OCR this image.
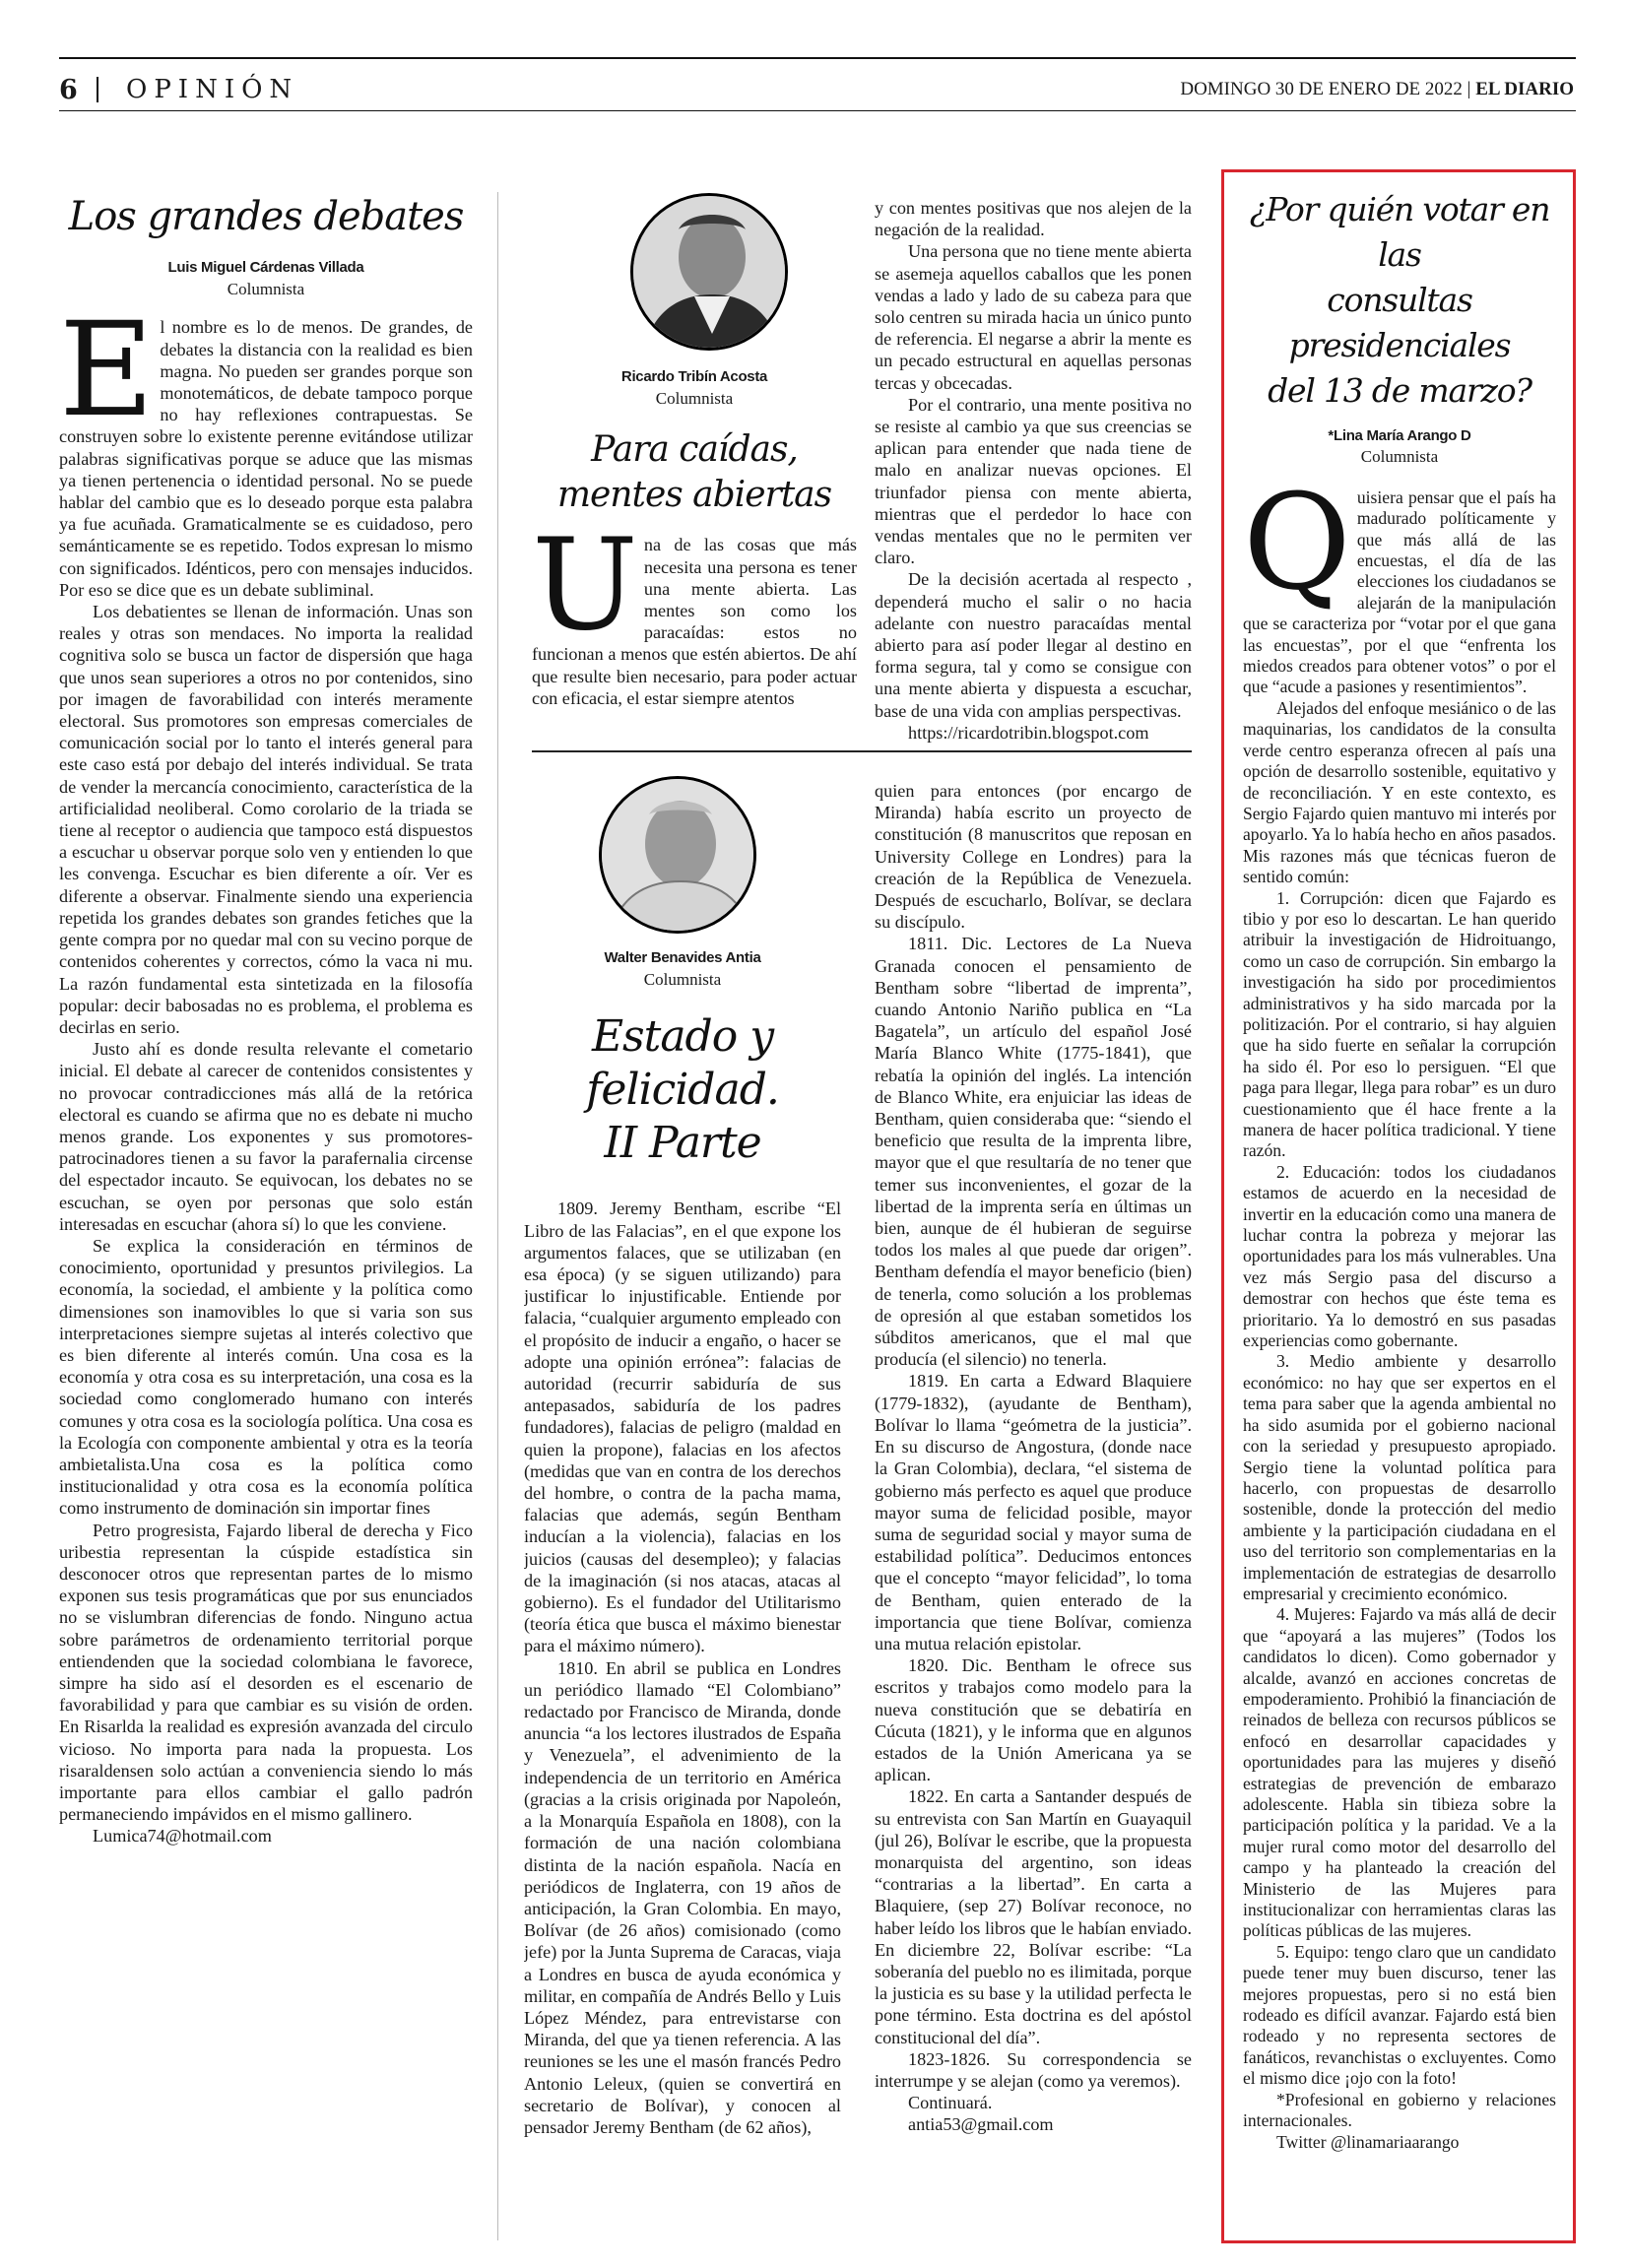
6 OPINIÓN	DOMINGO 30 DE ENERO DE 2022 | EL DIARIO
Los grandes debates
Luis Miguel Cárdenas Villada
Columnista
E l nombre es lo de menos. De grandes, de debates la distancia con la realidad es bien magna. No pueden ser grandes porque son monotemáticos, de debate tampoco porque no hay reflexiones contrapuestas. Se construyen sobre lo existente perenne evitándose utilizar palabras significativas porque se aduce que las mismas ya tienen pertenencia o identidad personal. No se puede hablar del cambio que es lo deseado porque esta palabra ya fue acuñada. Gramaticalmente se es cuidadoso, pero semánticamente se es repetido. Todos expresan lo mismo con significados. Idénticos, pero con mensajes inducidos. Por eso se dice que es un debate subliminal.

Los debatientes se llenan de información. Unas son reales y otras son mendaces. No importa la realidad cognitiva solo se busca un factor de dispersión que haga que unos sean superiores a otros no por contenidos, sino por imagen de favorabilidad con interés meramente electoral. Sus promotores son empresas comerciales de comunicación social por lo tanto el interés general para este caso está por debajo del interés individual. Se trata de vender la mercancía conocimiento, característica de la artificialidad neoliberal. Como corolario de la triada se tiene al receptor o audiencia que tampoco está dispuestos a escuchar u observar porque solo ven y entienden lo que les convenga. Escuchar es bien diferente a oír. Ver es diferente a observar. Finalmente siendo una experiencia repetida los grandes debates son grandes fetiches que la gente compra por no quedar mal con su vecino porque de contenidos coherentes y correctos, cómo la vaca ni mu. La razón fundamental esta sintetizada en la filosofía popular: decir babosadas no es problema, el problema es decirlas en serio.

Justo ahí es donde resulta relevante el cometario inicial. El debate al carecer de contenidos consistentes y no provocar contradicciones más allá de la retórica electoral es cuando se afirma que no es debate ni mucho menos grande. Los exponentes y sus promotores-patrocinadores tienen a su favor la parafernalia circense del espectador incauto. Se equivocan, los debates no se escuchan, se oyen por personas que solo están interesadas en escuchar (ahora sí) lo que les conviene.

Se explica la consideración en términos de conocimiento, oportunidad y presuntos privilegios. La economía, la sociedad, el ambiente y la política como dimensiones son inamovibles lo que si varia son sus interpretaciones siempre sujetas al interés colectivo que es bien diferente al interés común. Una cosa es la economía y otra cosa es su interpretación, una cosa es la sociedad como conglomerado humano con interés comunes y otra cosa es la sociología política. Una cosa es la Ecología con componente ambiental y otra es la teoría ambietalista.Una cosa es la política como institucionalidad y otra cosa es la economía política como instrumento de dominación sin importar fines

Petro progresista, Fajardo liberal de derecha y Fico uribestia representan la cúspide estadística sin desconocer otros que representan partes de lo mismo exponen sus tesis programáticas que por sus enunciados no se vislumbran diferencias de fondo. Ninguno actua sobre parámetros de ordenamiento territorial porque entiendenden que la sociedad colombiana le favorece, simpre ha sido así el desorden es el escenario de favorabilidad y para que cambiar es su visión de orden. En Risarlda la realidad es expresión avanzada del circulo vicioso. No importa para nada la propuesta. Los risaraldensen solo actúan a conveniencia siendo lo más importante para ellos cambiar el gallo padrón permaneciendo impávidos en el mismo gallinero.

Lumica74@hotmail.com

Ricardo Tribín Acosta
Columnista
Para caídas,
mentes abiertas
U na de las cosas que más necesita una persona es tener una mente abierta. Las mentes son como los paracaídas: estos no funcionan a menos que estén abiertos. De ahí que resulte bien necesario, para poder actuar con eficacia, el estar siempre atentos

y con mentes positivas que nos alejen de la negación de la realidad.

Una persona que no tiene mente abierta se asemeja aquellos caballos que les ponen vendas a lado y lado de su cabeza para que solo centren su mirada hacia un único punto de referencia. El negarse a abrir la mente es un pecado estructural en aquellas personas tercas y obcecadas.

Por el contrario, una mente positiva no se resiste al cambio ya que sus creencias se aplican para entender que nada tiene de malo en analizar nuevas opciones. El triunfador piensa con mente abierta, mientras que el perdedor lo hace con vendas mentales que no le permiten ver claro.

De la decisión acertada al respecto , dependerá mucho el salir o no hacia adelante con nuestro paracaídas mental abierto para así poder llegar al destino en forma segura, tal y como se consigue con una mente abierta y dispuesta a escuchar, base de una vida con amplias perspectivas.

https://ricardotribin.blogspot.com

Walter Benavides Antia
Columnista
Estado y felicidad.
II Parte

1809. Jeremy Bentham, escribe “El Libro de las Falacias”, en el que expone los argumentos falaces, que se utilizaban (en esa época) (y se siguen utilizando) para justificar lo injustificable. Entiende por falacia, “cualquier argumento empleado con el propósito de inducir a engaño, o hacer se adopte una opinión errónea”: falacias de autoridad (recurrir sabiduría de sus antepasados, sabiduría de los padres fundadores), falacias de peligro (maldad en quien la propone), falacias en los afectos (medidas que van en contra de los derechos del hombre, o contra de la pacha mama, falacias que además, según Bentham inducían a la violencia), falacias en los juicios (causas del desempleo); y falacias de la imaginación (si nos atacas, atacas al gobierno). Es el fundador del Utilitarismo (teoría ética que busca el máximo bienestar para el máximo número).

1810. En abril se publica en Londres un periódico llamado “El Colombiano” redactado por Francisco de Miranda, donde anuncia “a los lectores ilustrados de España y Venezuela”, el advenimiento de la independencia de un territorio en América (gracias a la crisis originada por Napoleón, a la Monarquía Española en 1808), con la formación de una nación colombiana distinta de la nación española. Nacía en periódicos de Inglaterra, con 19 años de anticipación, la Gran Colombia. En mayo, Bolívar (de 26 años) comisionado (como jefe) por la Junta Suprema de Caracas, viaja a Londres en busca de ayuda económica y militar, en compañía de Andrés Bello y Luis López Méndez, para entrevistarse con Miranda, del que ya tienen referencia. A las reuniones se les une el masón francés Pedro Antonio Leleux, (quien se convertirá en secretario de Bolívar), y conocen al pensador Jeremy Bentham (de 62 años),

quien para entonces (por encargo de Miranda) había escrito un proyecto de constitución (8 manuscritos que reposan en University College en Londres) para la creación de la República de Venezuela. Después de escucharlo, Bolívar, se declara su discípulo.

1811. Dic. Lectores de La Nueva Granada conocen el pensamiento de Bentham sobre “libertad de imprenta”, cuando Antonio Nariño publica en “La Bagatela”, un artículo del español José María Blanco White (1775-1841), que rebatía la opinión del inglés. La intención de Blanco White, era enjuiciar las ideas de Bentham, quien consideraba que: “siendo el beneficio que resulta de la imprenta libre, mayor que el que resultaría de no tener que temer sus inconvenientes, el gozar de la libertad de la imprenta sería en últimas un bien, aunque de él hubieran de seguirse todos los males al que puede dar origen”. Bentham defendía el mayor beneficio (bien) de tenerla, como solución a los problemas de opresión al que estaban sometidos los súbditos americanos, que el mal que producía (el silencio) no tenerla.

1819. En carta a Edward Blaquiere (1779-1832), (ayudante de Bentham), Bolívar lo llama “geómetra de la justicia”. En su discurso de Angostura, (donde nace la Gran Colombia), declara, “el sistema de gobierno más perfecto es aquel que produce mayor suma de felicidad posible, mayor suma de seguridad social y mayor suma de estabilidad política”. Deducimos entonces que el concepto “mayor felicidad”, lo toma de Bentham, quien enterado de la importancia que tiene Bolívar, comienza una mutua relación epistolar.

1820. Dic. Bentham le ofrece sus escritos y trabajos como modelo para la nueva constitución que se debatiría en Cúcuta (1821), y le informa que en algunos estados de la Unión Americana ya se aplican.

1822. En carta a Santander después de su entrevista con San Martín en Guayaquil (jul 26), Bolívar le escribe, que la propuesta monarquista del argentino, son ideas “contrarias a la libertad”. En carta a Blaquiere, (sep 27) Bolívar reconoce, no haber leído los libros que le habían enviado. En diciembre 22, Bolívar escribe: “La soberanía del pueblo no es ilimitada, porque la justicia es su base y la utilidad perfecta le pone término. Esta doctrina es del apóstol constitucional del día”.

1823-1826. Su correspondencia se interrumpe y se alejan (como ya veremos).

Continuará.

antia53@gmail.com

¿Por quién votar en las
consultas presidenciales
del 13 de marzo?
*Lina María Arango D
Columnista
Q uisiera pensar que el país ha madurado políticamente y que más allá de las encuestas, el día de las elecciones los ciudadanos se alejarán de la manipulación que se caracteriza por “votar por el que gana las encuestas”, por el que “enfrenta los miedos creados para obtener votos” o por el que “acude a pasiones y resentimientos”.

Alejados del enfoque mesiánico o de las maquinarias, los candidatos de la consulta verde centro esperanza ofrecen al país una opción de desarrollo sostenible, equitativo y de reconciliación. Y en este contexto, es Sergio Fajardo quien mantuvo mi interés por apoyarlo. Ya lo había hecho en años pasados. Mis razones más que técnicas fueron de sentido común:

1. Corrupción: dicen que Fajardo es tibio y por eso lo descartan. Le han querido atribuir la investigación de Hidroituango, como un caso de corrupción. Sin embargo la investigación ha sido por procedimientos administrativos y ha sido marcada por la politización. Por el contrario, si hay alguien que ha sido fuerte en señalar la corrupción ha sido él. Por eso lo persiguen. “El que paga para llegar, llega para robar” es un duro cuestionamiento que él hace frente a la manera de hacer política tradicional. Y tiene razón.

2. Educación: todos los ciudadanos estamos de acuerdo en la necesidad de invertir en la educación como una manera de luchar contra la pobreza y mejorar las oportunidades para los más vulnerables. Una vez más Sergio pasa del discurso a demostrar con hechos que éste tema es prioritario. Ya lo demostró en sus pasadas experiencias como gobernante.

3. Medio ambiente y desarrollo económico: no hay que ser expertos en el tema para saber que la agenda ambiental no ha sido asumida por el gobierno nacional con la seriedad y presupuesto apropiado. Sergio tiene la voluntad política para hacerlo, con propuestas de desarrollo sostenible, donde la protección del medio ambiente y la participación ciudadana en el uso del territorio son complementarias en la implementación de estrategias de desarrollo empresarial y crecimiento económico.

4. Mujeres: Fajardo va más allá de decir que “apoyará a las mujeres” (Todos los candidatos lo dicen). Como gobernador y alcalde, avanzó en acciones concretas de empoderamiento. Prohibió la financiación de reinados de belleza con recursos públicos se enfocó en desarrollar capacidades y oportunidades para las mujeres y diseñó estrategias de prevención de embarazo adolescente. Habla sin tibieza sobre la participación política y la paridad. Ve a la mujer rural como motor del desarrollo del campo y ha planteado la creación del Ministerio de las Mujeres para institucionalizar con herramientas claras las políticas públicas de las mujeres.

5. Equipo: tengo claro que un candidato puede tener muy buen discurso, tener las mejores propuestas, pero si no está bien rodeado es difícil avanzar. Fajardo está bien rodeado y no representa sectores de fanáticos, revanchistas o excluyentes. Como el mismo dice ¡ojo con la foto!

*Profesional en gobierno y relaciones internacionales.

Twitter @linamariaarango
